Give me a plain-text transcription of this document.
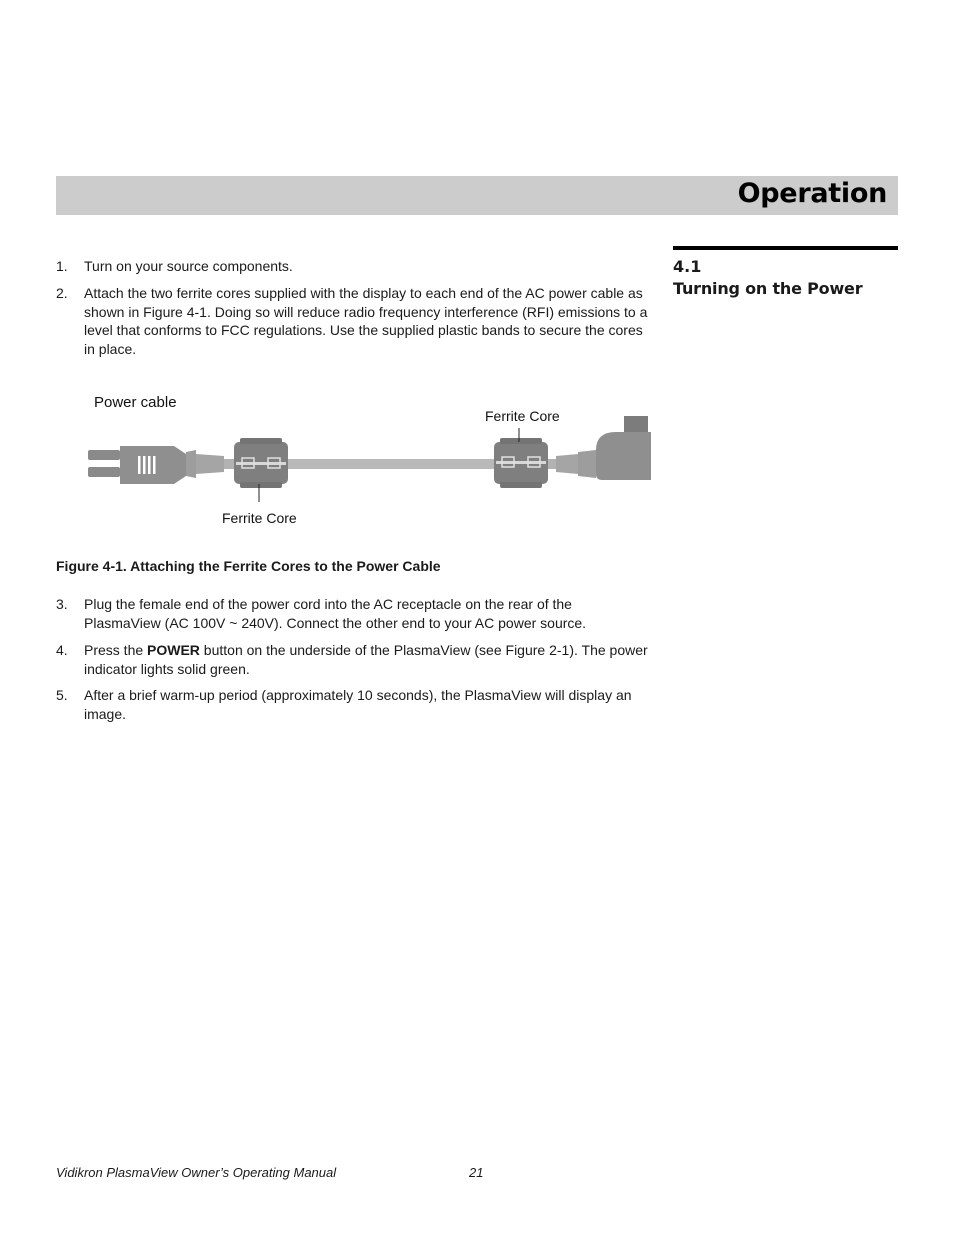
Operation
4.1
Turning on the Power
1. Turn on your source components.
2. Attach the two ferrite cores supplied with the display to each end of the AC power cable as shown in Figure 4-1. Doing so will reduce radio frequency interference (RFI) emissions to a level that conforms to FCC regulations. Use the supplied plastic bands to secure the cores in place.
Power cable
Ferrite Core
Ferrite Core
Figure 4-1. Attaching the Ferrite Cores to the Power Cable
3. Plug the female end of the power cord into the AC receptacle on the rear of the PlasmaView (AC 100V ~ 240V). Connect the other end to your AC power source.
4. Press the POWER button on the underside of the PlasmaView (see Figure 2-1). The power indicator lights solid green.
5. After a brief warm-up period (approximately 10 seconds), the PlasmaView will display an image.
Vidikron PlasmaView Owner’s Operating Manual	21
